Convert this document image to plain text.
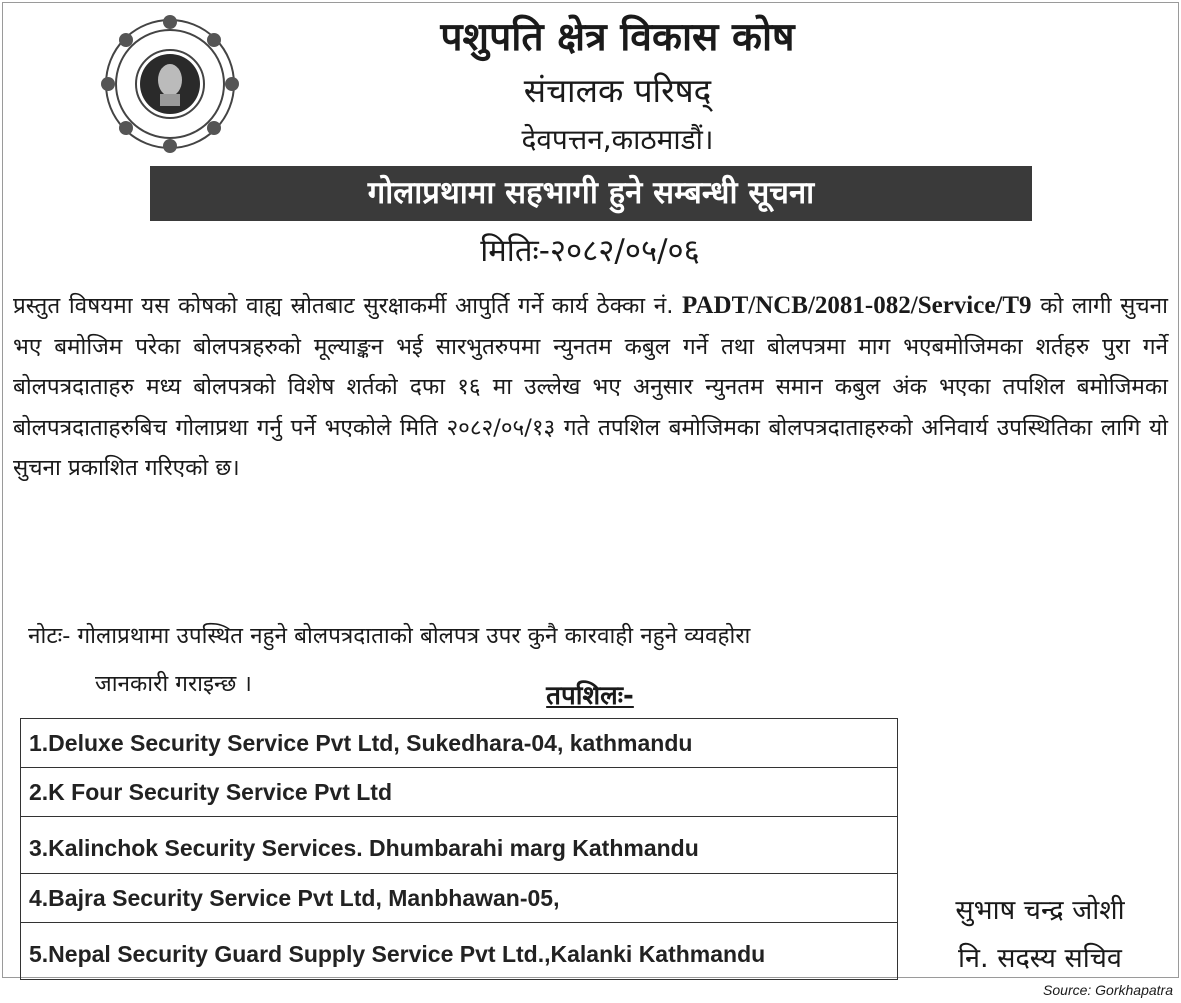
पशुपति क्षेत्र विकास कोष
संचालक परिषद्
देवपत्तन,काठमाडौं।
गोलाप्रथामा सहभागी हुने सम्बन्धी सूचना
मितिः-२०८२/०५/०६

प्रस्तुत विषयमा यस कोषको वाह्य स्रोतबाट सुरक्षाकर्मी आपुर्ति गर्ने कार्य ठेक्का नं. PADT/NCB/2081-082/Service/T9 को लागी सुचना भए बमोजिम परेका बोलपत्रहरुको मूल्याङ्कन भई सारभुतरुपमा न्युनतम कबुल गर्ने तथा बोलपत्रमा माग भएबमोजिमका शर्तहरु पुरा गर्ने बोलपत्रदाताहरु मध्य बोलपत्रको विशेष शर्तको दफा १६ मा उल्लेख भए अनुसार न्युनतम समान कबुल अंक भएका तपशिल बमोजिमका बोलपत्रदाताहरुबिच गोलाप्रथा गर्नु पर्ने भएकोले मिति २०८२/०५/१३ गते तपशिल बमोजिमका बोलपत्रदाताहरुको अनिवार्य उपस्थितिका लागि यो सुचना प्रकाशित गरिएको छ।

नोटः- गोलाप्रथामा उपस्थित नहुने बोलपत्रदाताको बोलपत्र उपर कुनै कारवाही नहुने व्यवहोरा
जानकारी गराइन्छ ।	तपशिलः-
1.Deluxe Security Service Pvt Ltd, Sukedhara-04, kathmandu
2.K Four Security Service Pvt Ltd
3.Kalinchok Security Services. Dhumbarahi marg Kathmandu
4.Bajra Security Service Pvt Ltd, Manbhawan-05,
5.Nepal Security Guard Supply Service Pvt Ltd.,Kalanki Kathmandu
सुभाष चन्द्र जोशी
नि. सदस्य सचिव
Source: Gorkhapatra
